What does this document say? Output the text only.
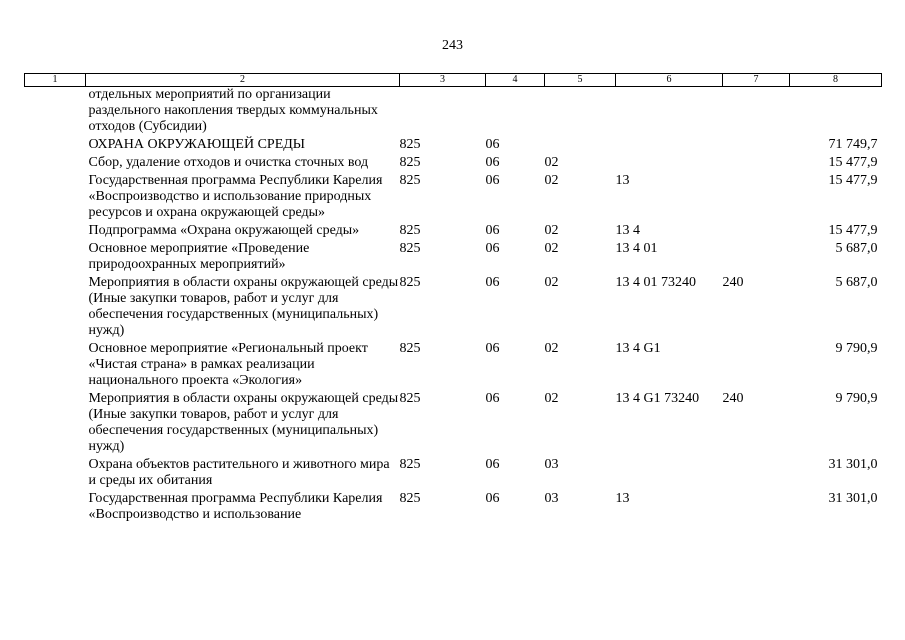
243
1	2	3	4	5	6	7	8
	отдельных мероприятий по организации раздельного накопления твердых коммунальных отходов (Субсидии)						
	ОХРАНА ОКРУЖАЮЩЕЙ СРЕДЫ	825	06				71 749,7
	Сбор, удаление отходов и очистка сточных вод	825	06	02			15 477,9
	Государственная программа Республики Карелия «Воспроизводство и использование природных ресурсов и охрана окружающей среды»	825	06	02	13		15 477,9
	Подпрограмма «Охрана окружающей среды»	825	06	02	13 4		15 477,9
	Основное мероприятие «Проведение природоохранных мероприятий»	825	06	02	13 4 01		5 687,0
	Мероприятия в области охраны окружающей среды (Иные закупки товаров, работ и услуг для обеспечения государственных (муниципальных) нужд)	825	06	02	13 4 01 73240	240	5 687,0
	Основное мероприятие «Региональный проект «Чистая страна» в рамках реализации национального проекта «Экология»	825	06	02	13 4 G1		9 790,9
	Мероприятия в области охраны окружающей среды (Иные закупки товаров, работ и услуг для обеспечения государственных (муниципальных) нужд)	825	06	02	13 4 G1 73240	240	9 790,9
	Охрана объектов растительного и животного мира и среды их обитания	825	06	03			31 301,0
	Государственная программа Республики Карелия «Воспроизводство и использование	825	06	03	13		31 301,0
